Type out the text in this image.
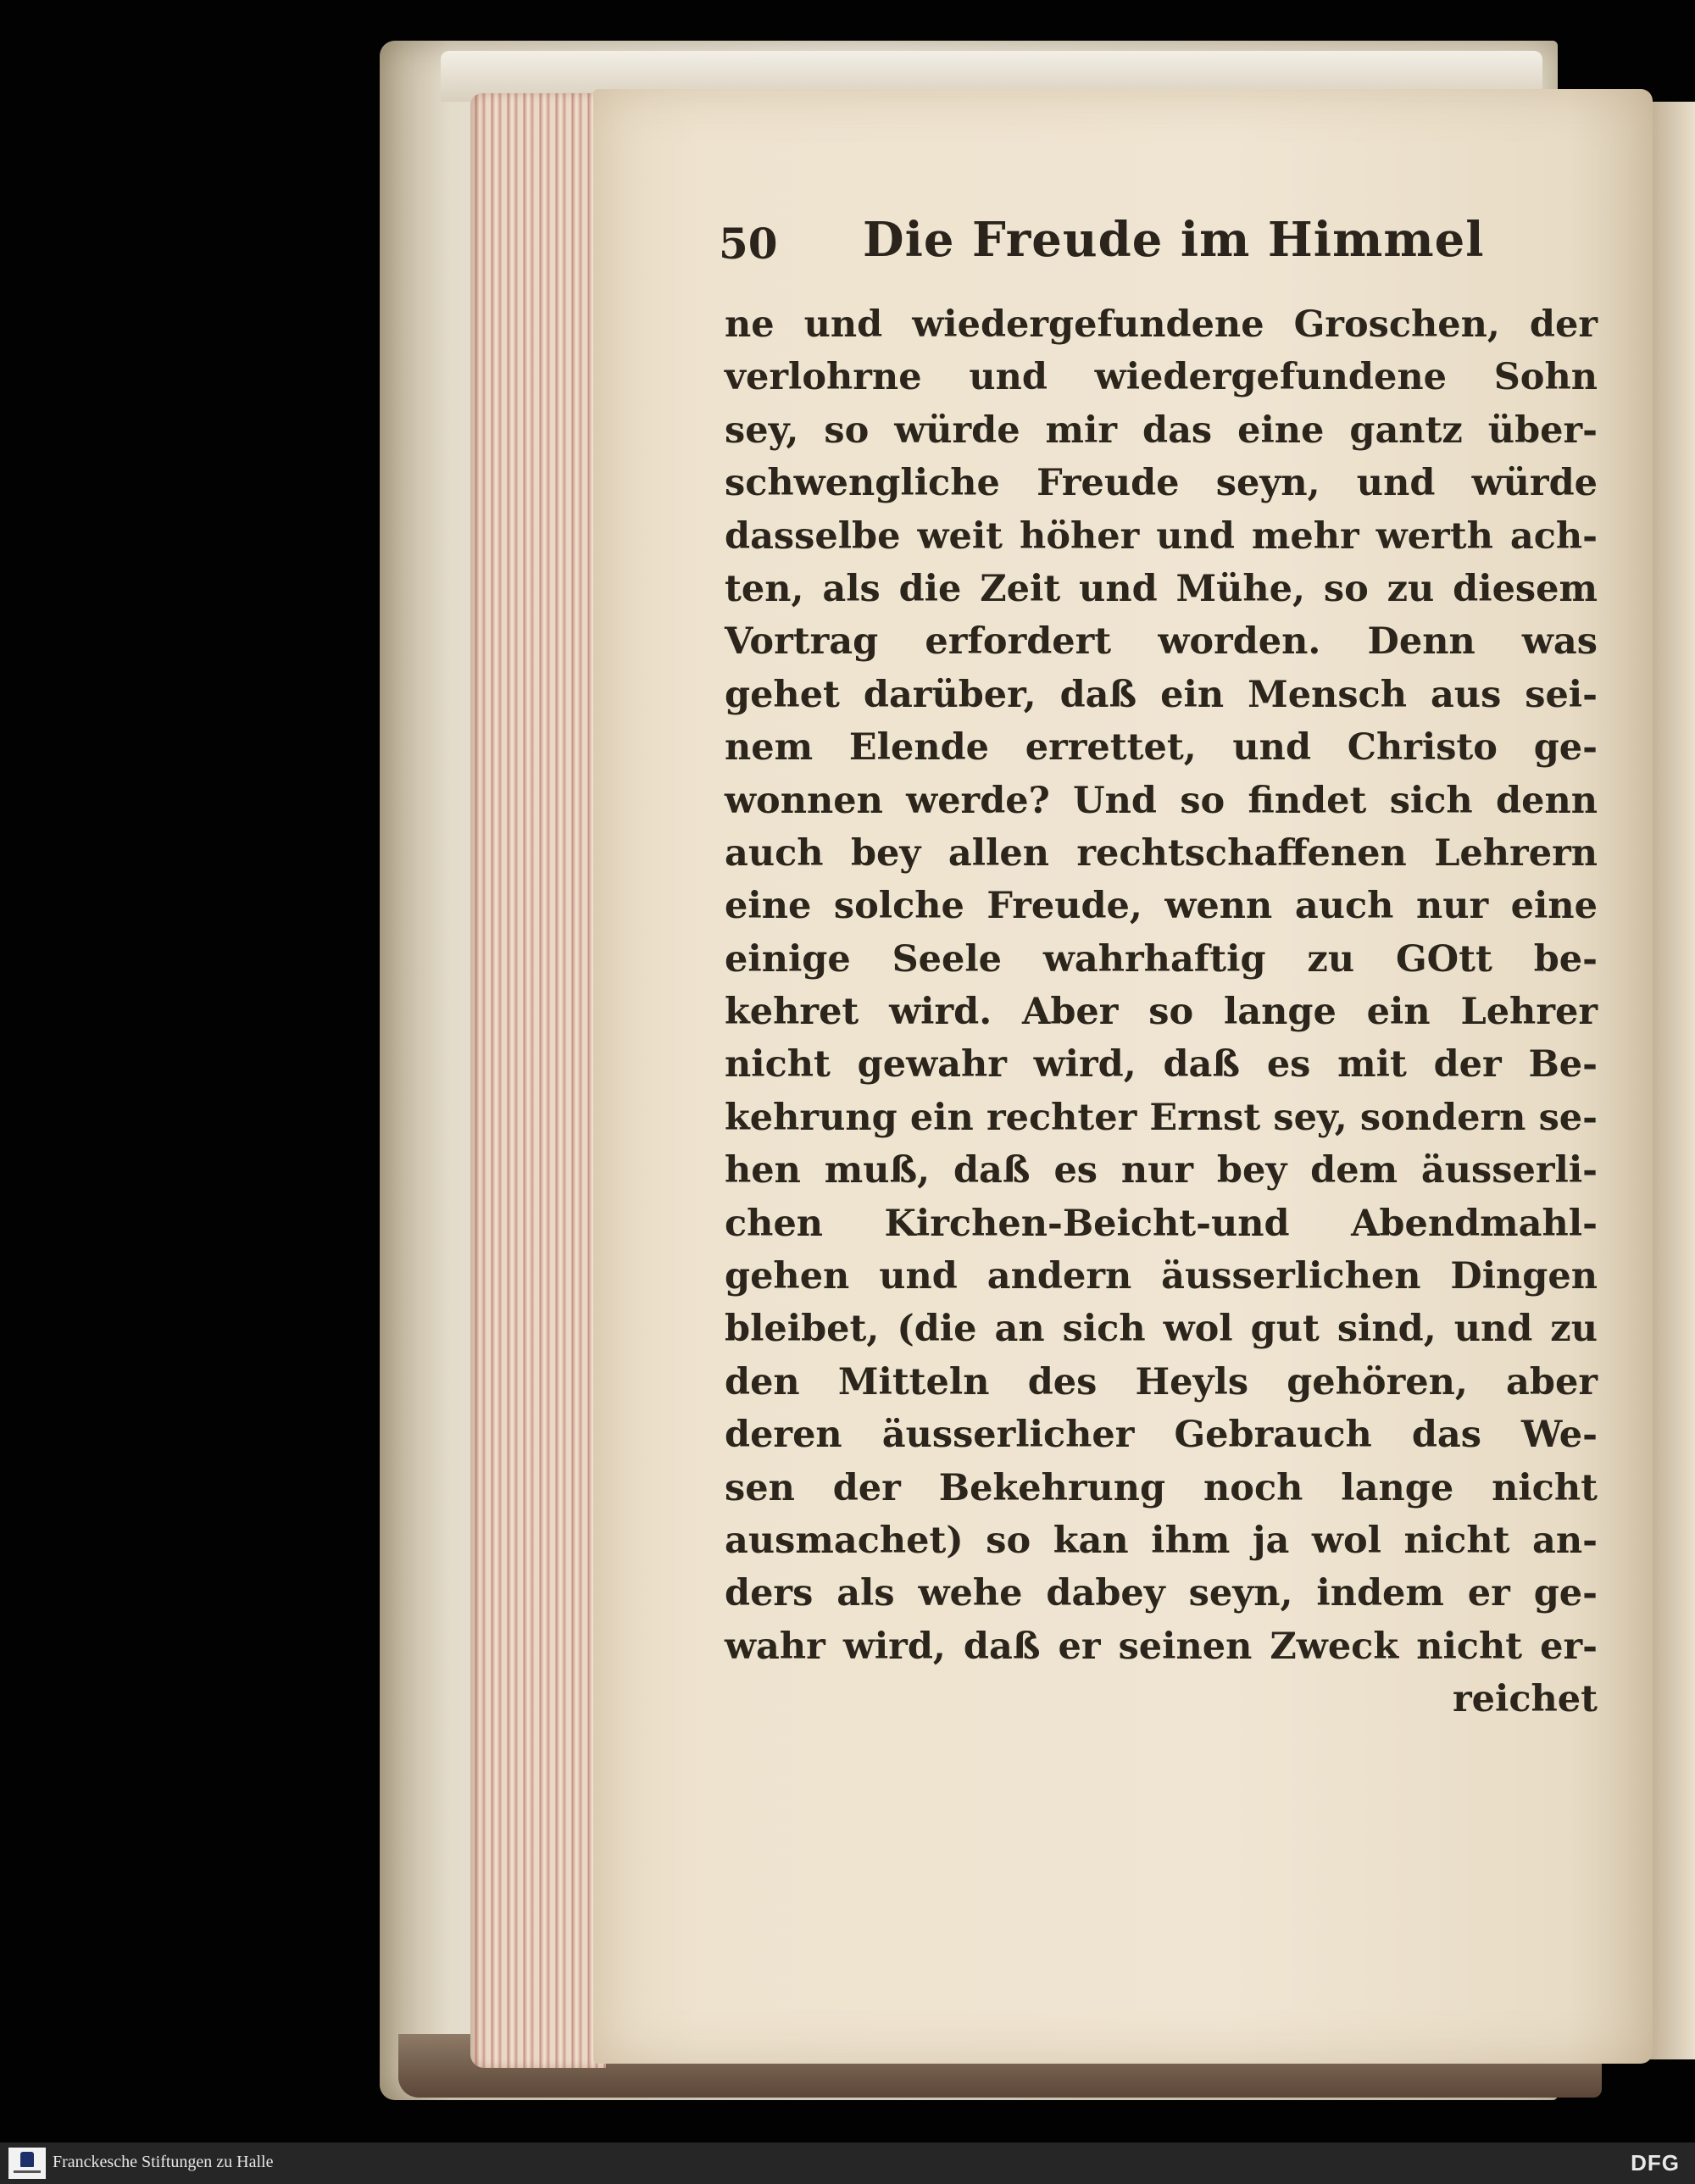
50 Die Freude im Himmel
ne und wiedergefundene Groschen, der
verlohrne und wiedergefundene Sohn
sey, so würde mir das eine gantz über-
schwengliche Freude seyn, und würde
dasselbe weit höher und mehr werth ach-
ten, als die Zeit und Mühe, so zu diesem
Vortrag erfordert worden. Denn was
gehet darüber, daß ein Mensch aus sei-
nem Elende errettet, und Christo ge-
wonnen werde? Und so findet sich denn
auch bey allen rechtschaffenen Lehrern
eine solche Freude, wenn auch nur eine
einige Seele wahrhaftig zu GOtt be-
kehret wird. Aber so lange ein Lehrer
nicht gewahr wird, daß es mit der Be-
kehrung ein rechter Ernst sey, sondern se-
hen muß, daß es nur bey dem äusserli-
chen Kirchen-Beicht-und Abendmahl-
gehen und andern äusserlichen Dingen
bleibet, (die an sich wol gut sind, und zu
den Mitteln des Heyls gehören, aber
deren äusserlicher Gebrauch das We-
sen der Bekehrung noch lange nicht
ausmachet) so kan ihm ja wol nicht an-
ders als wehe dabey seyn, indem er ge-
wahr wird, daß er seinen Zweck nicht er-
reichet
Franckesche Stiftungen zu Halle	DFG
